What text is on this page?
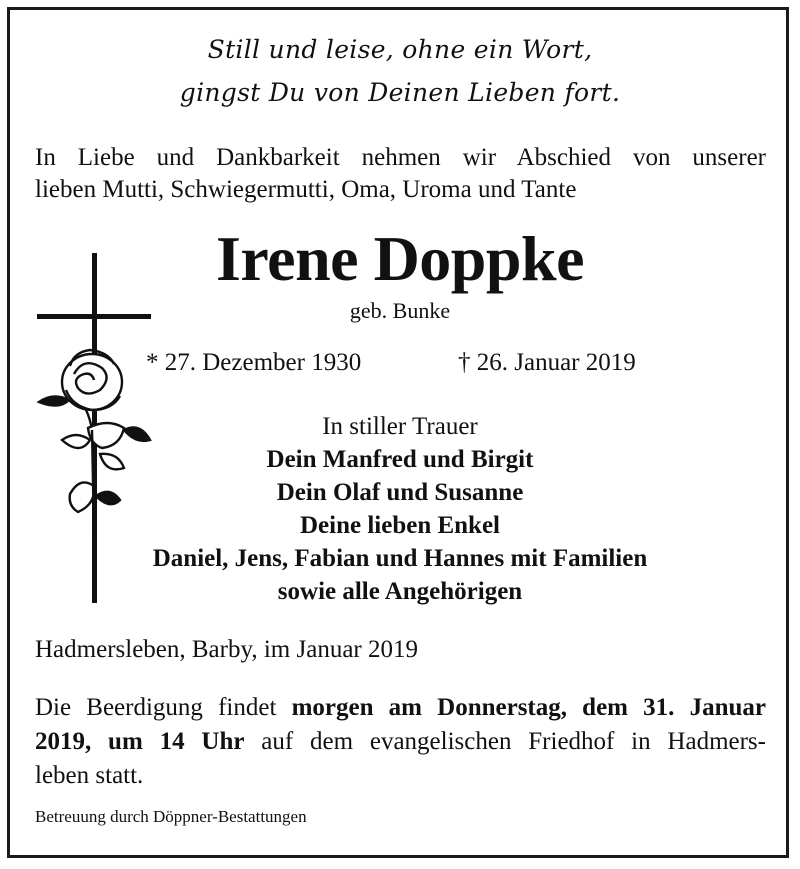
Still und leise, ohne ein Wort,
gingst Du von Deinen Lieben fort.
In Liebe und Dankbarkeit nehmen wir Abschied von unserer
lieben Mutti, Schwiegermutti, Oma, Uroma und Tante
Irene Doppke
geb. Bunke
* 27. Dezember 1930	† 26. Januar 2019
In stiller Trauer
Dein Manfred und Birgit
Dein Olaf und Susanne
Deine lieben Enkel
Daniel, Jens, Fabian und Hannes mit Familien
sowie alle Angehörigen
Hadmersleben, Barby, im Januar 2019
Die Beerdigung findet morgen am Donnerstag, dem 31. Januar
2019, um 14 Uhr auf dem evangelischen Friedhof in Hadmers-
leben statt.
Betreuung durch Döppner-Bestattungen
